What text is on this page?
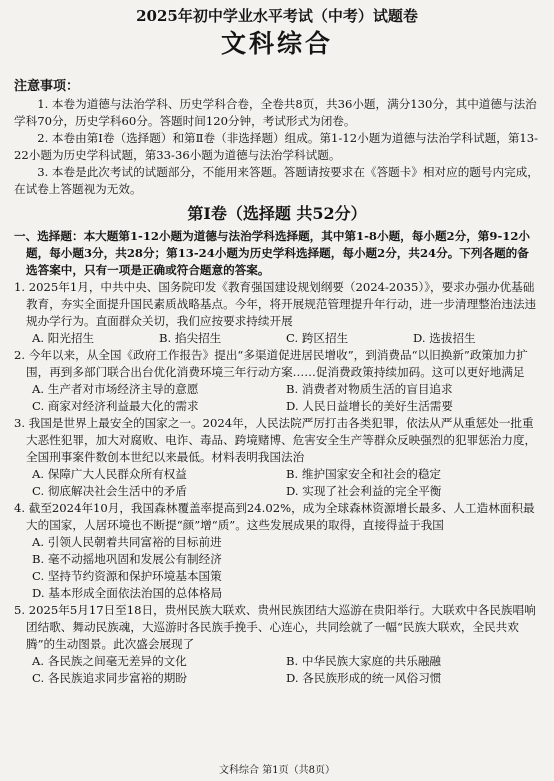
2025年初中学业水平考试（中考）试题卷
文科综合
注意事项：

1. 本卷为道德与法治学科、历史学科合卷，全卷共8页，共36小题，满分130分，其中道德与法治学科70分，历史学科60分。答题时间120分钟，考试形式为闭卷。

2. 本卷由第Ⅰ卷（选择题）和第Ⅱ卷（非选择题）组成。第1-12小题为道德与法治学科试题，第13-22小题为历史学科试题，第33-36小题为道德与法治学科试题。

3. 本卷是此次考试的试题部分，不能用来答题。答题请按要求在《答题卡》相对应的题号内完成，在试卷上答题视为无效。

第Ⅰ卷（选择题 共52分）
一、选择题：本大题第1-12小题为道德与法治学科选择题，其中第1-8小题，每小题2分，第9-12小题，每小题3分，共28分；第13-24小题为历史学科选择题，每小题2分，共24分。下列各题的备选答案中，只有一项是正确或符合题意的答案。
1. 2025年1月，中共中央、国务院印发《教育强国建设规划纲要（2024-2035）》，要求办强办优基础教育，夯实全面提升国民素质战略基点。今年，将开展规范管理提升年行动，进一步清理整治违法违规办学行为。直面群众关切，我们应按要求持续开展
A. 阳光招生	B. 掐尖招生	C. 跨区招生	D. 选拔招生
2. 今年以来，从全国《政府工作报告》提出“多渠道促进居民增收”，到消费品“以旧换新”政策加力扩围，再到多部门联合出台优化消费环境三年行动方案……促消费政策持续加码。这可以更好地满足
A. 生产者对市场经济主导的意愿	B. 消费者对物质生活的盲目追求
C. 商家对经济利益最大化的需求	D. 人民日益增长的美好生活需要
3. 我国是世界上最安全的国家之一。2024年，人民法院严厉打击各类犯罪，依法从严从重惩处一批重大恶性犯罪，加大对腐败、电诈、毒品、跨境赌博、危害安全生产等群众反映强烈的犯罪惩治力度，全国刑事案件数创本世纪以来最低。材料表明我国法治
A. 保障广大人民群众所有权益	B. 维护国家安全和社会的稳定
C. 彻底解决社会生活中的矛盾	D. 实现了社会利益的完全平衡
4. 截至2024年10月，我国森林覆盖率提高到24.02%，成为全球森林资源增长最多、人工造林面积最大的国家，人居环境也不断提“颜”增“质”。这些发展成果的取得，直接得益于我国
A. 引领人民朝着共同富裕的目标前进
B. 毫不动摇地巩固和发展公有制经济
C. 坚持节约资源和保护环境基本国策
D. 基本形成全面依法治国的总体格局
5. 2025年5月17日至18日，贵州民族大联欢、贵州民族团结大巡游在贵阳举行。大联欢中各民族唱响团结歌、舞动民族魂，大巡游时各民族手挽手、心连心，共同绘就了一幅“民族大联欢，全民共欢腾”的生动图景。此次盛会展现了
A. 各民族之间毫无差异的文化	B. 中华民族大家庭的共乐融融
C. 各民族追求同步富裕的期盼	D. 各民族形成的统一风俗习惯
文科综合 第1页（共8页）
